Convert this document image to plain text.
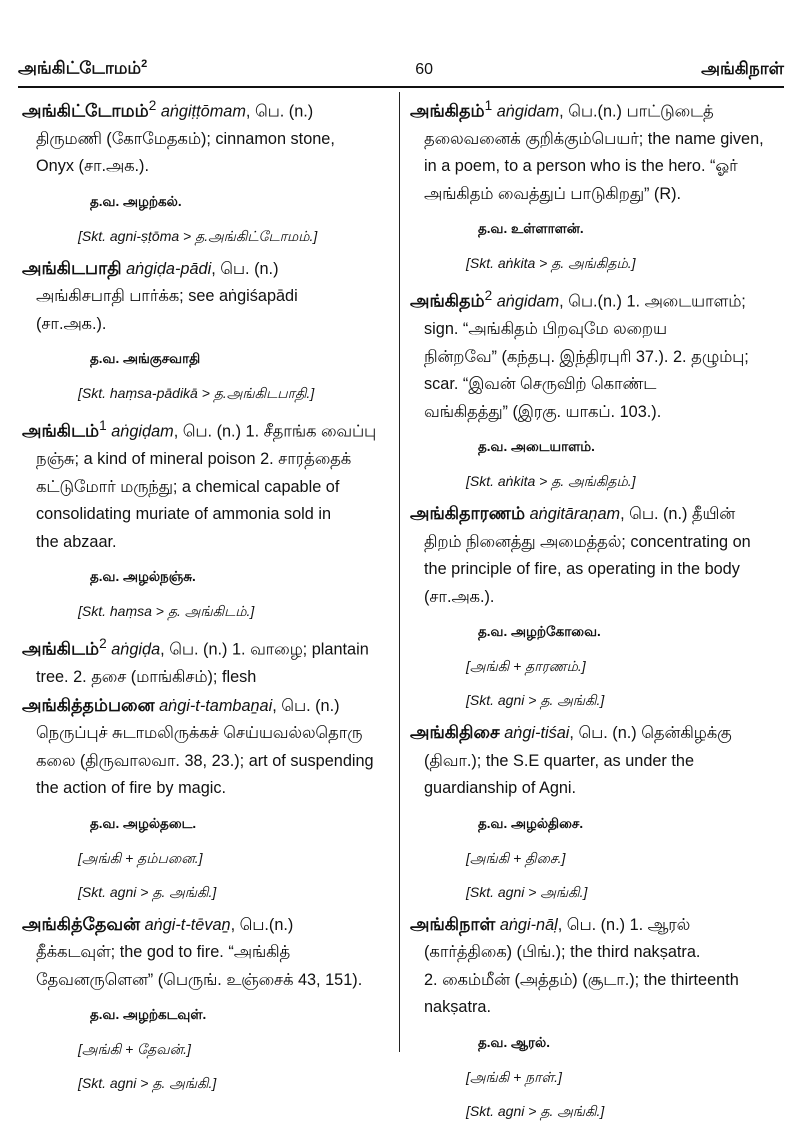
அங்கிட்டோமம்$^2$	60	அங்கிநாள்
அங்கிட்டோமம்$^2$ aṅgiṭṭōmam, பெ. (n.)
திருமணி (கோமேதகம்); cinnamon stone,
Onyx (சா.அக.).
த.வ. அழற்கல்.
[Skt. agni-ṣṭōma > த.அங்கிட்டோமம்.]
அங்கிடபாதி aṅgiḍa-pādi, பெ. (n.)
அங்கிசபாதி பார்க்க; see aṅgiśapādi
(சா.அக.).
த.வ. அங்குசவாதி
[Skt. haṃsa-pādikā > த.அங்கிடபாதி.]
அங்கிடம்$^1$ aṅgiḍam, பெ. (n.) 1. சீதாங்க வைப்பு
நஞ்சு; a kind of mineral poison 2. சாரத்தைக்
கட்டுமோர் மருந்து; a chemical capable of
consolidating muriate of ammonia sold in
the abzaar.
த.வ. அழல்நஞ்சு.
[Skt. haṃsa > த. அங்கிடம்.]
அங்கிடம்$^2$ aṅgiḍa, பெ. (n.) 1. வாழை; plantain
tree. 2. தசை (மாங்கிசம்); flesh
அங்கித்தம்பனை aṅgi-t-tambaṉai, பெ. (n.)
நெருப்புச் சுடாமலிருக்கச் செய்யவல்லதொரு
கலை (திருவாலவா. 38, 23.); art of suspending
the action of fire by magic.
த.வ. அழல்தடை.
[அங்கி + தம்பனை.]
[Skt. agni > த. அங்கி.]
அங்கித்தேவன் aṅgi-t-tēvaṉ, பெ.(n.)
தீக்கடவுள்; the god to fire. “அங்கித்
தேவனருளென” (பெருங். உஞ்சைக் 43, 151).
த.வ. அழற்கடவுள்.
[அங்கி + தேவன்.]
[Skt. agni > த. அங்கி.]
அங்கிதம்$^1$ aṅgidam, பெ.(n.) பாட்டுடைத்
தலைவனைக் குறிக்கும்பெயர்; the name given,
in a poem, to a person who is the hero. “ஓர்
அங்கிதம் வைத்துப் பாடுகிறது” (R).
த.வ. உள்ளாளன்.
[Skt. aṅkita > த. அங்கிதம்.]
அங்கிதம்$^2$ aṅgidam, பெ.(n.) 1. அடையாளம்;
sign. “அங்கிதம் பிறவுமே லறைய
நின்றவே” (கந்தபு. இந்திரபுரி 37.). 2. தழும்பு;
scar. “இவன் செருவிற் கொண்ட
வங்கிதத்து” (இரகு. யாகப். 103.).
த.வ. அடையாளம்.
[Skt. aṅkita > த. அங்கிதம்.]
அங்கிதாரணம் aṅgitāraṇam, பெ. (n.) தீயின்
திறம் நினைத்து அமைத்தல்; concentrating on
the principle of fire, as operating in the body
(சா.அக.).
த.வ. அழற்கோவை.
[அங்கி + தாரணம்.]
[Skt. agni > த. அங்கி.]
அங்கிதிசை aṅgi-tiśai, பெ. (n.) தென்கிழக்கு
(திவா.); the S.E quarter, as under the
guardianship of Agni.
த.வ. அழல்திசை.
[அங்கி + திசை.]
[Skt. agni > அங்கி.]
அங்கிநாள் aṅgi-nāḷ, பெ. (n.) 1. ஆரல்
(கார்த்திகை) (பிங்.); the third nakṣatra.
2. கைம்மீன் (அத்தம்) (சூடா.); the thirteenth
nakṣatra.
த.வ. ஆரல்.
[அங்கி + நாள்.]
[Skt. agni > த. அங்கி.]
